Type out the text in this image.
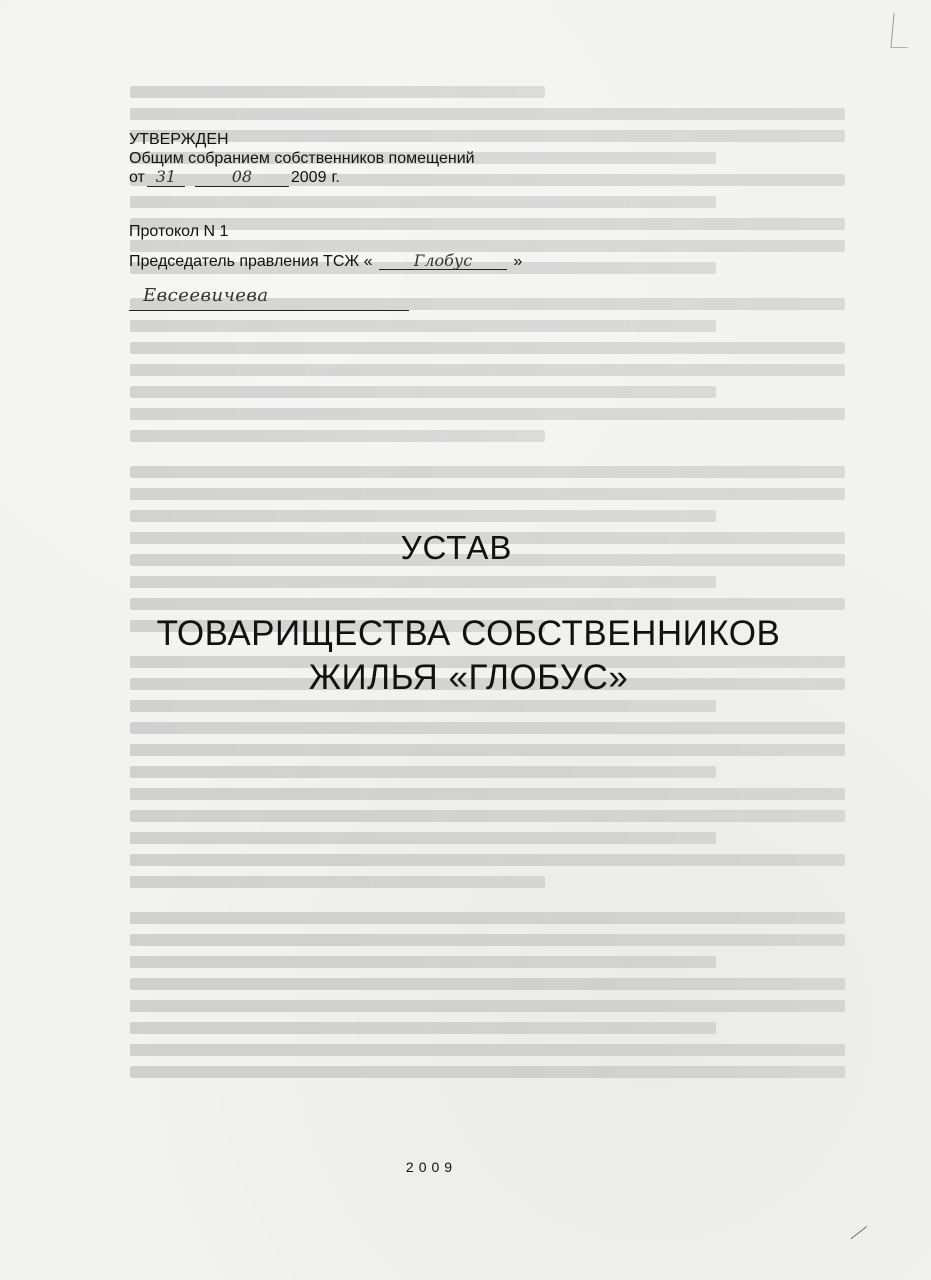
УТВЕРЖДЕН
Общим собранием собственников помещений
от 31	08	2009 г.
Протокол N 1
Председатель правления ТСЖ «	Глобус	»
Евсеевичева
УСТАВ
ТОВАРИЩЕСТВА СОБСТВЕННИКОВ
ЖИЛЬЯ «ГЛОБУС»
2009
